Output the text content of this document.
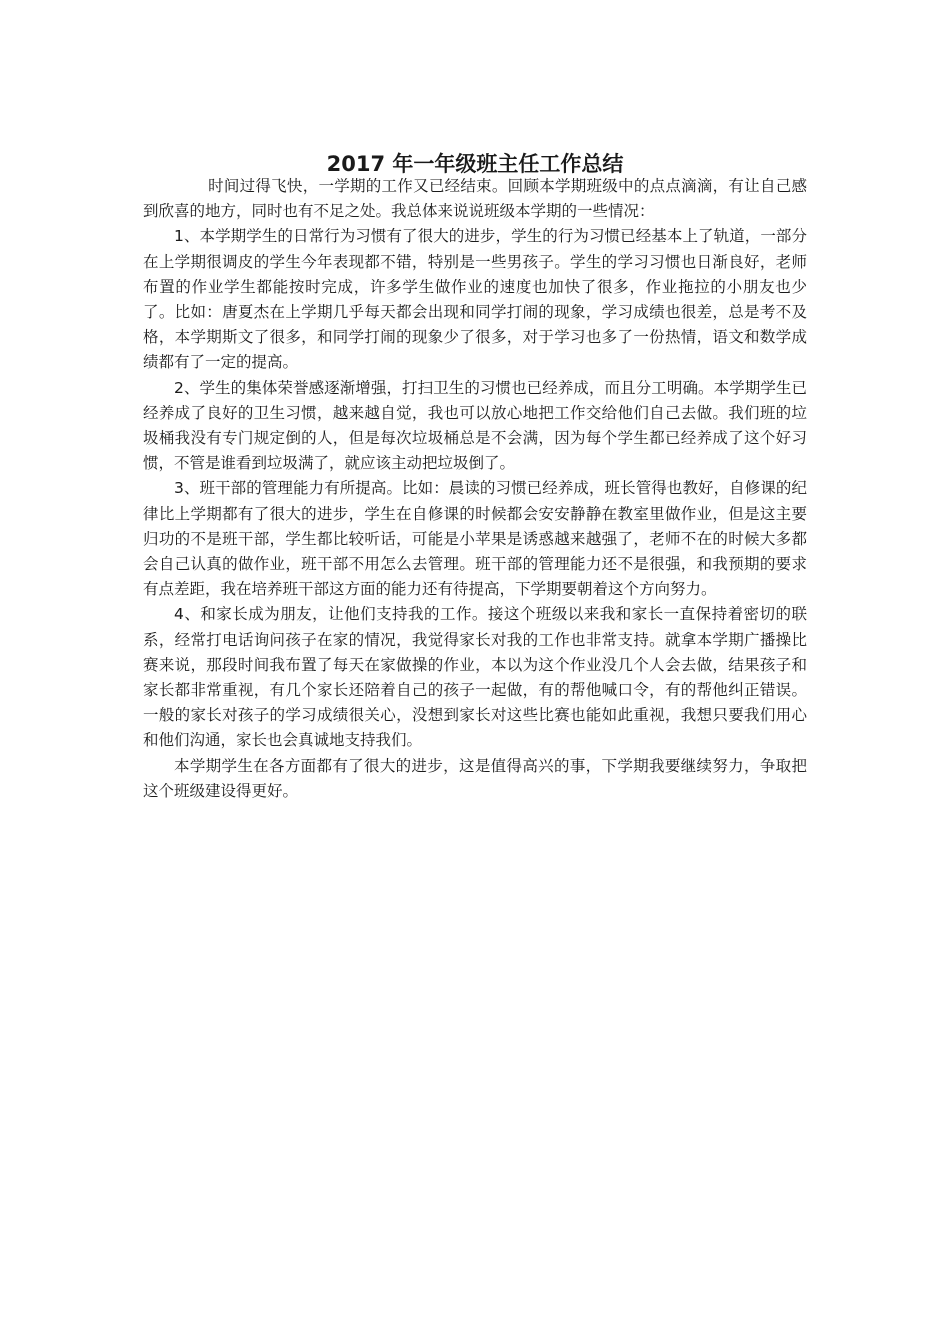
2017 年一年级班主任工作总结

时间过得飞快，一学期的工作又已经结束。回顾本学期班级中的点点滴滴，有让自己感到欣喜的地方，同时也有不足之处。我总体来说说班级本学期的一些情况：

1、本学期学生的日常行为习惯有了很大的进步，学生的行为习惯已经基本上了轨道，一部分在上学期很调皮的学生今年表现都不错，特别是一些男孩子。学生的学习习惯也日渐良好，老师布置的作业学生都能按时完成，许多学生做作业的速度也加快了很多，作业拖拉的小朋友也少了。比如：唐夏杰在上学期几乎每天都会出现和同学打闹的现象，学习成绩也很差，总是考不及格，本学期斯文了很多，和同学打闹的现象少了很多，对于学习也多了一份热情，语文和数学成绩都有了一定的提高。

2、学生的集体荣誉感逐渐增强，打扫卫生的习惯也已经养成，而且分工明确。本学期学生已经养成了良好的卫生习惯，越来越自觉，我也可以放心地把工作交给他们自己去做。我们班的垃圾桶我没有专门规定倒的人，但是每次垃圾桶总是不会满，因为每个学生都已经养成了这个好习惯，不管是谁看到垃圾满了，就应该主动把垃圾倒了。

3、班干部的管理能力有所提高。比如：晨读的习惯已经养成，班长管得也教好，自修课的纪律比上学期都有了很大的进步，学生在自修课的时候都会安安静静在教室里做作业，但是这主要归功的不是班干部，学生都比较听话，可能是小苹果是诱惑越来越强了，老师不在的时候大多都会自己认真的做作业，班干部不用怎么去管理。班干部的管理能力还不是很强，和我预期的要求有点差距，我在培养班干部这方面的能力还有待提高，下学期要朝着这个方向努力。

4、和家长成为朋友，让他们支持我的工作。接这个班级以来我和家长一直保持着密切的联系，经常打电话询问孩子在家的情况，我觉得家长对我的工作也非常支持。就拿本学期广播操比赛来说，那段时间我布置了每天在家做操的作业，本以为这个作业没几个人会去做，结果孩子和家长都非常重视，有几个家长还陪着自己的孩子一起做，有的帮他喊口令，有的帮他纠正错误。一般的家长对孩子的学习成绩很关心，没想到家长对这些比赛也能如此重视，我想只要我们用心和他们沟通，家长也会真诚地支持我们。

本学期学生在各方面都有了很大的进步，这是值得高兴的事，下学期我要继续努力，争取把这个班级建设得更好。
